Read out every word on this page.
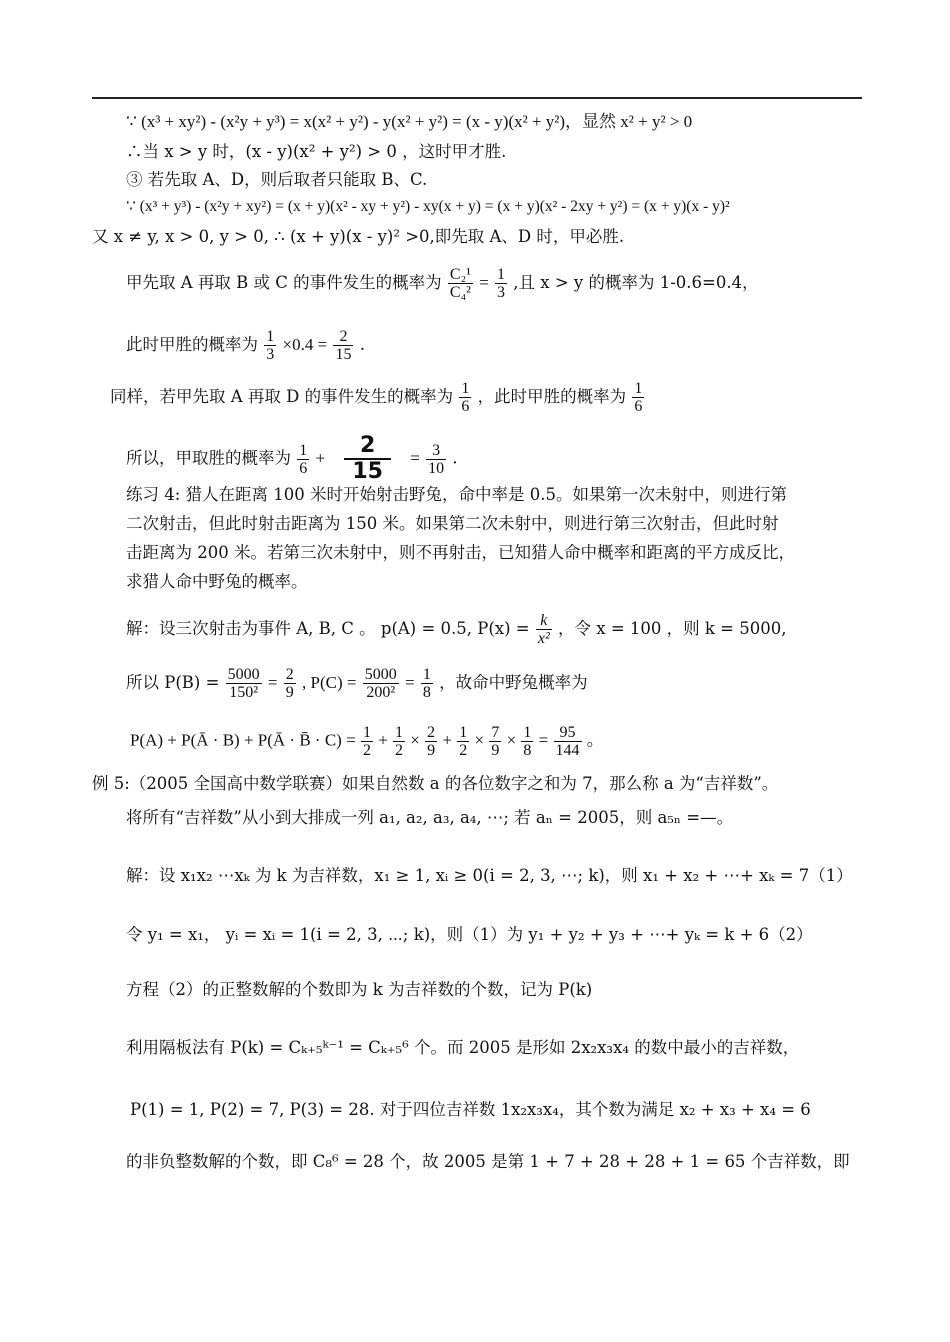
∵ (x³ + xy²) - (x²y + y³) = x(x² + y²) - y(x² + y²) = (x - y)(x² + y²)，显然 x² + y² > 0
∴当 x > y 时，(x - y)(x² + y²) > 0 ，这时甲才胜.
③ 若先取 A、D，则后取者只能取 B、C.
∵ (x³ + y³) - (x²y + xy²) = (x + y)(x² - xy + y²) - xy(x + y) = (x + y)(x² - 2xy + y²) = (x + y)(x - y)²
又 x ≠ y, x > 0, y > 0, ∴ (x + y)(x - y)² >0,即先取 A、D 时，甲必胜.
甲先取 A 再取 B 或 C 的事件发生的概率为 $\frac{\text{C₂¹}}{\text{C₄²}} = \frac{1}{3}$ ,且 x > y 的概率为 1-0.6=0.4，
此时甲胜的概率为 $\frac{1}{3} \times 0.4 = \frac{2}{15}$ .
同样，若甲先取 A 再取 D 的事件发生的概率为 $\frac{1}{6}$ ，此时甲胜的概率为 $\frac{1}{6}$
所以，甲取胜的概率为 $\frac{1}{6} + \frac{2}{15} = \frac{3}{10}$ .
练习 4: 猎人在距离 100 米时开始射击野兔，命中率是 0.5。如果第一次未射中，则进行第
二次射击，但此时射击距离为 150 米。如果第二次未射中，则进行第三次射击，但此时射
击距离为 200 米。若第三次未射中，则不再射击，已知猎人命中概率和距离的平方成反比，
求猎人命中野兔的概率。
解：设三次射击为事件 A, B, C 。 p(A) = 0.5, $P(x) = \frac{k}{\text{x²}}$ ，令 x = 100 ，则 k = 5000,
所以 $P(B) = \frac{5000}{\text{150²}} = \frac{2}{9}$ , $P(C) = \frac{5000}{\text{200²}} = \frac{1}{8}$ ，故命中野兔概率为
P(A) + P(Ā · B) + P(Ā · B̄ · $C) = \frac{1}{2} + \frac{1}{2} \times \frac{2}{9} + \frac{1}{2} \times \frac{7}{9} \times \frac{1}{8} = \frac{95}{144}$ 。
例 5:（2005 全国高中数学联赛）如果自然数 a 的各位数字之和为 7，那么称 a 为“吉祥数”。
将所有“吉祥数”从小到大排成一列 a₁, a₂, a₃, a₄, ⋯; 若 aₙ = 2005，则 a₅ₙ =—。
解：设 x₁x₂ ⋯xₖ 为 k 为吉祥数，x₁ ≥ 1, xᵢ ≥ 0(i = 2, 3, ⋯; k)，则 x₁ + x₂ + ⋯+ xₖ = 7（1）
令 y₁ = x₁， yᵢ = xᵢ = 1(i = 2, 3, ⋯; k)，则（1）为 y₁ + y₂ + y₃ + ⋯+ yₖ = k + 6（2）
方程（2）的正整数解的个数即为 k 为吉祥数的个数，记为 P(k)
利用隔板法有 P(k) = Cₖ₊₅ᵏ⁻¹ = Cₖ₊₅⁶ 个。而 2005 是形如 2x₂x₃x₄ 的数中最小的吉祥数，
P(1) = 1, P(2) = 7, P(3) = 28. 对于四位吉祥数 1x₂x₃x₄，其个数为满足 x₂ + x₃ + x₄ = 6
的非负整数解的个数，即 C₈⁶ = 28 个，故 2005 是第 1 + 7 + 28 + 28 + 1 = 65 个吉祥数，即
